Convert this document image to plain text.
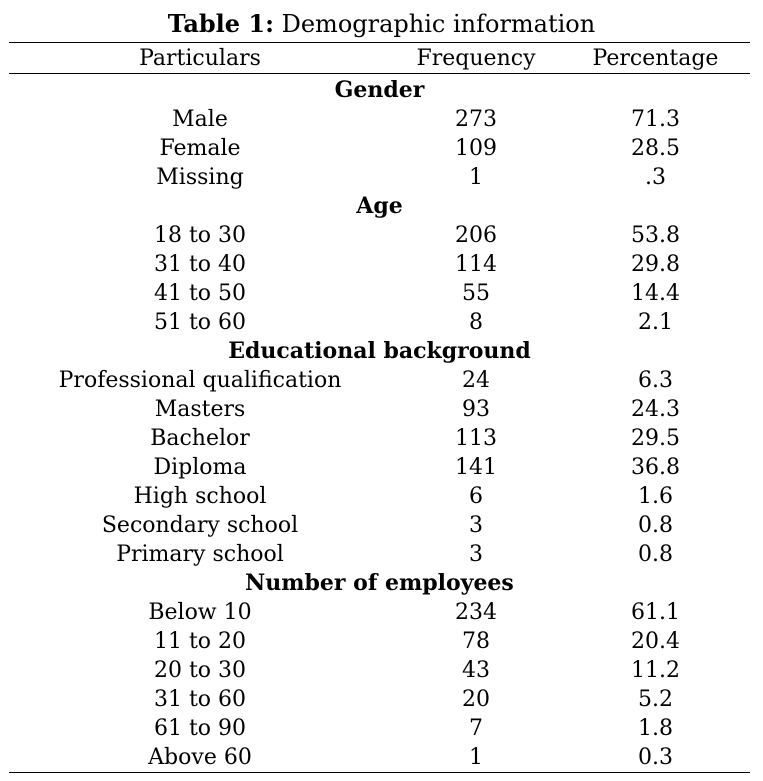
Table 1: Demographic information
Particulars	Frequency	Percentage
Gender
Male	273	71.3
Female	109	28.5
Missing	1	.3
Age
18 to 30	206	53.8
31 to 40	114	29.8
41 to 50	55	14.4
51 to 60	8	2.1
Educational background
Professional qualification	24	6.3
Masters	93	24.3
Bachelor	113	29.5
Diploma	141	36.8
High school	6	1.6
Secondary school	3	0.8
Primary school	3	0.8
Number of employees
Below 10	234	61.1
11 to 20	78	20.4
20 to 30	43	11.2
31 to 60	20	5.2
61 to 90	7	1.8
Above 60	1	0.3
